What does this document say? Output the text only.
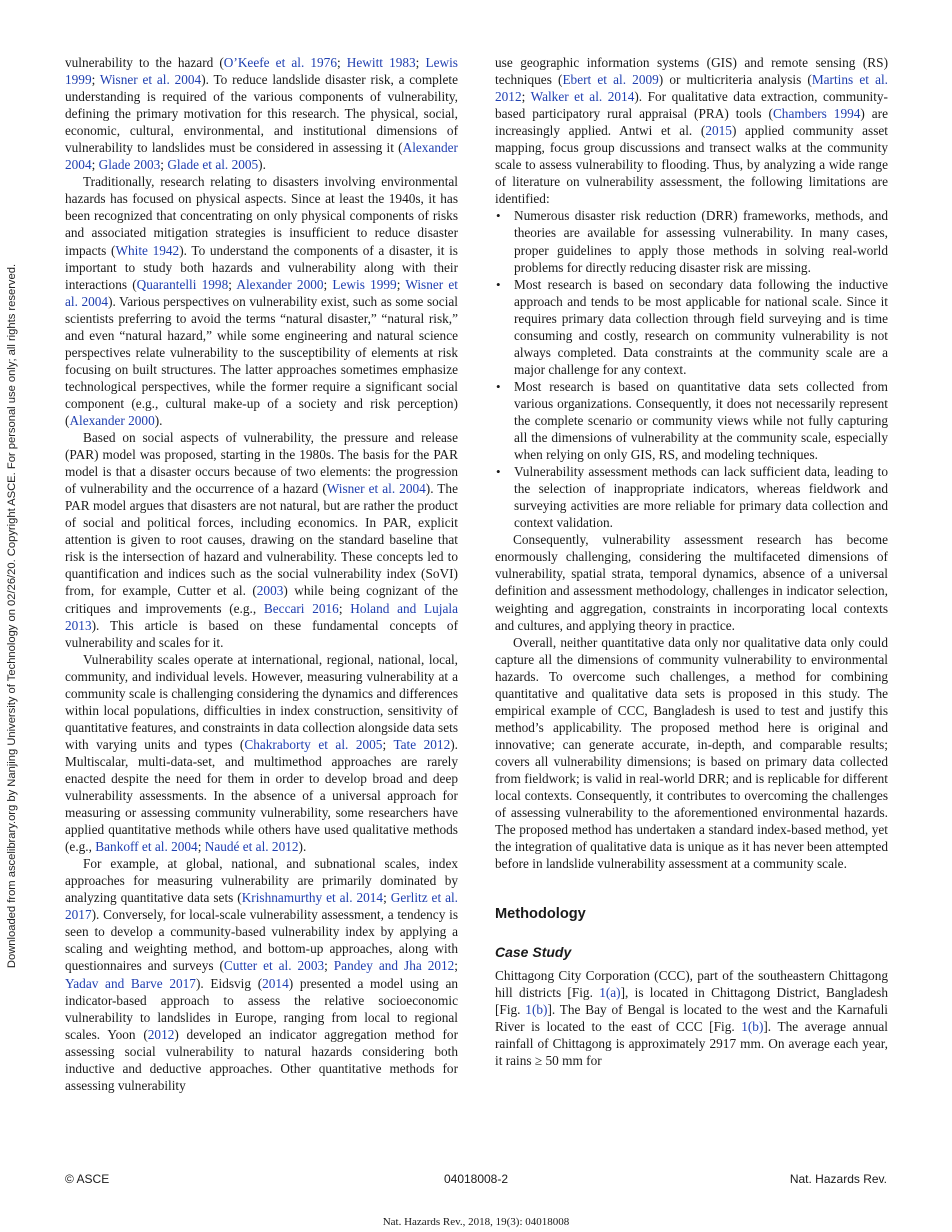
Downloaded from ascelibrary.org by Nanjing University of Technology on 02/26/20. Copyright ASCE. For personal use only; all rights reserved.

vulnerability to the hazard (O’Keefe et al. 1976; Hewitt 1983; Lewis 1999; Wisner et al. 2004). To reduce landslide disaster risk, a complete understanding is required of the various components of vulnerability, defining the primary motivation for this research. The physical, social, economic, cultural, environmental, and institutional dimensions of vulnerability to landslides must be considered in assessing it (Alexander 2004; Glade 2003; Glade et al. 2005).

Traditionally, research relating to disasters involving environmental hazards has focused on physical aspects. Since at least the 1940s, it has been recognized that concentrating on only physical components of risks and associated mitigation strategies is insufficient to reduce disaster impacts (White 1942). To understand the components of a disaster, it is important to study both hazards and vulnerability along with their interactions (Quarantelli 1998; Alexander 2000; Lewis 1999; Wisner et al. 2004). Various perspectives on vulnerability exist, such as some social scientists preferring to avoid the terms “natural disaster,” “natural risk,” and even “natural hazard,” while some engineering and natural science perspectives relate vulnerability to the susceptibility of elements at risk focusing on built structures. The latter approaches sometimes emphasize technological perspectives, while the former require a significant social component (e.g., cultural make-up of a society and risk perception) (Alexander 2000).

Based on social aspects of vulnerability, the pressure and release (PAR) model was proposed, starting in the 1980s. The basis for the PAR model is that a disaster occurs because of two elements: the progression of vulnerability and the occurrence of a hazard (Wisner et al. 2004). The PAR model argues that disasters are not natural, but are rather the product of social and political forces, including economics. In PAR, explicit attention is given to root causes, drawing on the standard baseline that risk is the intersection of hazard and vulnerability. These concepts led to quantification and indices such as the social vulnerability index (SoVI) from, for example, Cutter et al. (2003) while being cognizant of the critiques and improvements (e.g., Beccari 2016; Holand and Lujala 2013). This article is based on these fundamental concepts of vulnerability and scales for it.

Vulnerability scales operate at international, regional, national, local, community, and individual levels. However, measuring vulnerability at a community scale is challenging considering the dynamics and differences within local populations, difficulties in index construction, sensitivity of quantitative features, and constraints in data collection alongside data sets with varying units and types (Chakraborty et al. 2005; Tate 2012). Multiscalar, multi-data-set, and multimethod approaches are rarely enacted despite the need for them in order to develop broad and deep vulnerability assessments. In the absence of a universal approach for measuring or assessing community vulnerability, some researchers have applied quantitative methods while others have used qualitative methods (e.g., Bankoff et al. 2004; Naudé et al. 2012).

For example, at global, national, and subnational scales, index approaches for measuring vulnerability are primarily dominated by analyzing quantitative data sets (Krishnamurthy et al. 2014; Gerlitz et al. 2017). Conversely, for local-scale vulnerability assessment, a tendency is seen to develop a community-based vulnerability index by applying a scaling and weighting method, and bottom-up approaches, along with questionnaires and surveys (Cutter et al. 2003; Pandey and Jha 2012; Yadav and Barve 2017). Eidsvig (2014) presented a model using an indicator-based approach to assess the relative socioeconomic vulnerability to landslides in Europe, ranging from local to regional scales. Yoon (2012) developed an indicator aggregation method for assessing social vulnerability to natural hazards considering both inductive and deductive approaches. Other quantitative methods for assessing vulnerability

use geographic information systems (GIS) and remote sensing (RS) techniques (Ebert et al. 2009) or multicriteria analysis (Martins et al. 2012; Walker et al. 2014). For qualitative data extraction, community-based participatory rural appraisal (PRA) tools (Chambers 1994) are increasingly applied. Antwi et al. (2015) applied community asset mapping, focus group discussions and transect walks at the community scale to assess vulnerability to flooding. Thus, by analyzing a wide range of literature on vulnerability assessment, the following limitations are identified:

• Numerous disaster risk reduction (DRR) frameworks, methods, and theories are available for assessing vulnerability. In many cases, proper guidelines to apply those methods in solving real-world problems for directly reducing disaster risk are missing.
• Most research is based on secondary data following the inductive approach and tends to be most applicable for national scale. Since it requires primary data collection through field surveying and is time consuming and costly, research on community vulnerability is not always completed. Data constraints at the community scale are a major challenge for any context.
• Most research is based on quantitative data sets collected from various organizations. Consequently, it does not necessarily represent the complete scenario or community views while not fully capturing all the dimensions of vulnerability at the community scale, especially when relying on only GIS, RS, and modeling techniques.
• Vulnerability assessment methods can lack sufficient data, leading to the selection of inappropriate indicators, whereas fieldwork and surveying activities are more reliable for primary data collection and context validation.

Consequently, vulnerability assessment research has become enormously challenging, considering the multifaceted dimensions of vulnerability, spatial strata, temporal dynamics, absence of a universal definition and assessment methodology, challenges in indicator selection, weighting and aggregation, constraints in incorporating local contexts and cultures, and applying theory in practice.

Overall, neither quantitative data only nor qualitative data only could capture all the dimensions of community vulnerability to environmental hazards. To overcome such challenges, a method for combining quantitative and qualitative data sets is proposed in this study. The empirical example of CCC, Bangladesh is used to test and justify this method’s applicability. The proposed method here is original and innovative; can generate accurate, in-depth, and comparable results; covers all vulnerability dimensions; is based on primary data collected from fieldwork; is valid in real-world DRR; and is replicable for different local contexts. Consequently, it contributes to overcoming the challenges of assessing vulnerability to the aforementioned environmental hazards. The proposed method has undertaken a standard index-based method, yet the integration of qualitative data is unique as it has never been attempted before in landslide vulnerability assessment at a community scale.

Methodology
Case Study

Chittagong City Corporation (CCC), part of the southeastern Chittagong hill districts [Fig. 1(a)], is located in Chittagong District, Bangladesh [Fig. 1(b)]. The Bay of Bengal is located to the west and the Karnafuli River is located to the east of CCC [Fig. 1(b)]. The average annual rainfall of Chittagong is approximately 2917 mm. On average each year, it rains ≥ 50 mm for

© ASCE	04018008-2	Nat. Hazards Rev.
Nat. Hazards Rev., 2018, 19(3): 04018008
